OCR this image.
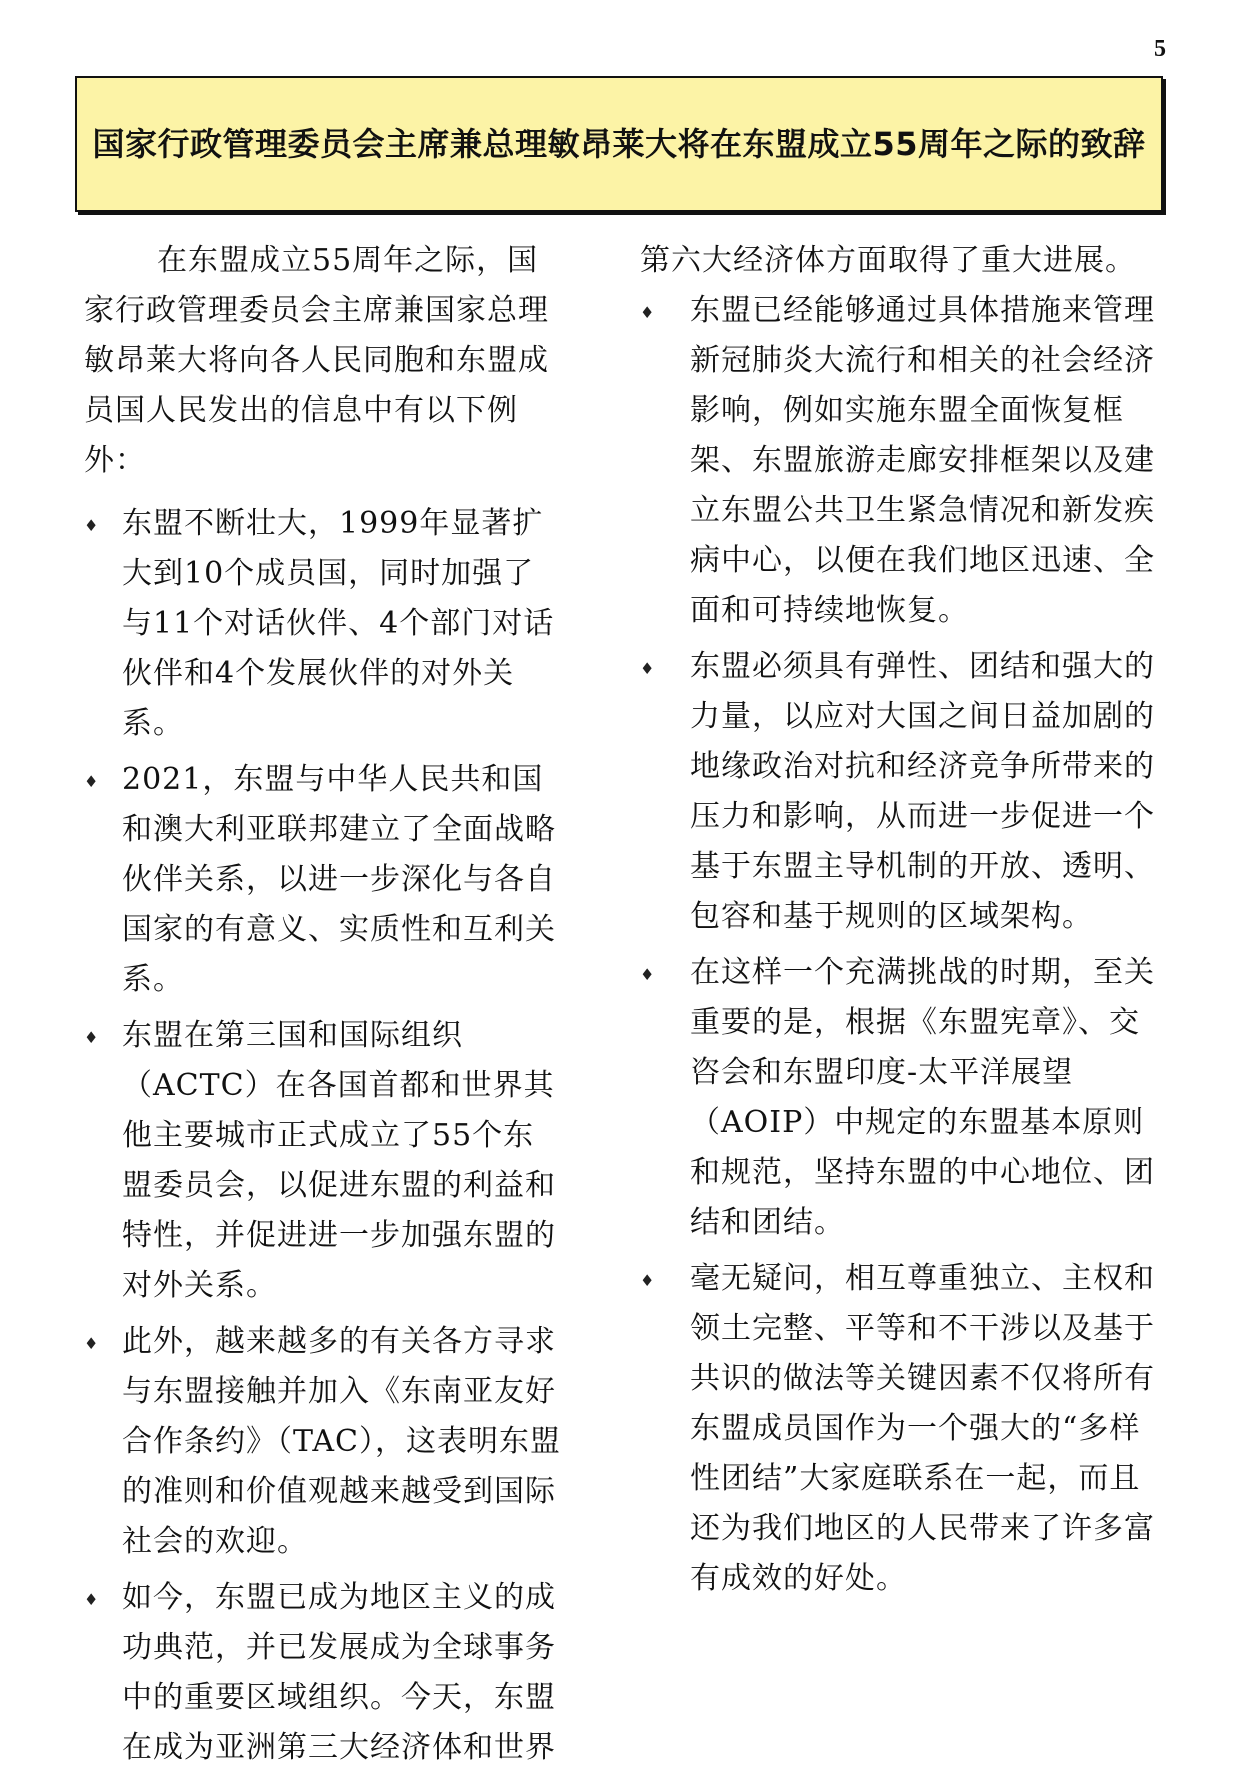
5
国家行政管理委员会主席兼总理敏昂莱大将在东盟成立55周年之际的致辞

在东盟成立55周年之际，国家行政管理委员会主席兼国家总理敏昂莱大将向各人民同胞和东盟成员国人民发出的信息中有以下例外：

♦ 东盟不断壮大，1999年显著扩大到10个成员国，同时加强了与11个对话伙伴、4个部门对话伙伴和4个发展伙伴的对外关系。
♦ 2021，东盟与中华人民共和国和澳大利亚联邦建立了全面战略伙伴关系，以进一步深化与各自国家的有意义、实质性和互利关系。
♦ 东盟在第三国和国际组织（ACTC）在各国首都和世界其他主要城市正式成立了55个东盟委员会，以促进东盟的利益和特性，并促进进一步加强东盟的对外关系。
♦ 此外，越来越多的有关各方寻求与东盟接触并加入《东南亚友好合作条约》（TAC），这表明东盟的准则和价值观越来越受到国际社会的欢迎。
♦ 如今，东盟已成为地区主义的成功典范，并已发展成为全球事务中的重要区域组织。今天，东盟在成为亚洲第三大经济体和世界

第六大经济体方面取得了重大进展。

♦ 东盟已经能够通过具体措施来管理新冠肺炎大流行和相关的社会经济影响，例如实施东盟全面恢复框架、东盟旅游走廊安排框架以及建立东盟公共卫生紧急情况和新发疾病中心，以便在我们地区迅速、全面和可持续地恢复。
♦ 东盟必须具有弹性、团结和强大的力量，以应对大国之间日益加剧的地缘政治对抗和经济竞争所带来的压力和影响，从而进一步促进一个基于东盟主导机制的开放、透明、包容和基于规则的区域架构。
♦ 在这样一个充满挑战的时期，至关重要的是，根据《东盟宪章》、交咨会和东盟印度-太平洋展望（AOIP）中规定的东盟基本原则和规范，坚持东盟的中心地位、团结和团结。
♦ 毫无疑问，相互尊重独立、主权和领土完整、平等和不干涉以及基于共识的做法等关键因素不仅将所有东盟成员国作为一个强大的“多样性团结”大家庭联系在一起，而且还为我们地区的人民带来了许多富有成效的好处。
